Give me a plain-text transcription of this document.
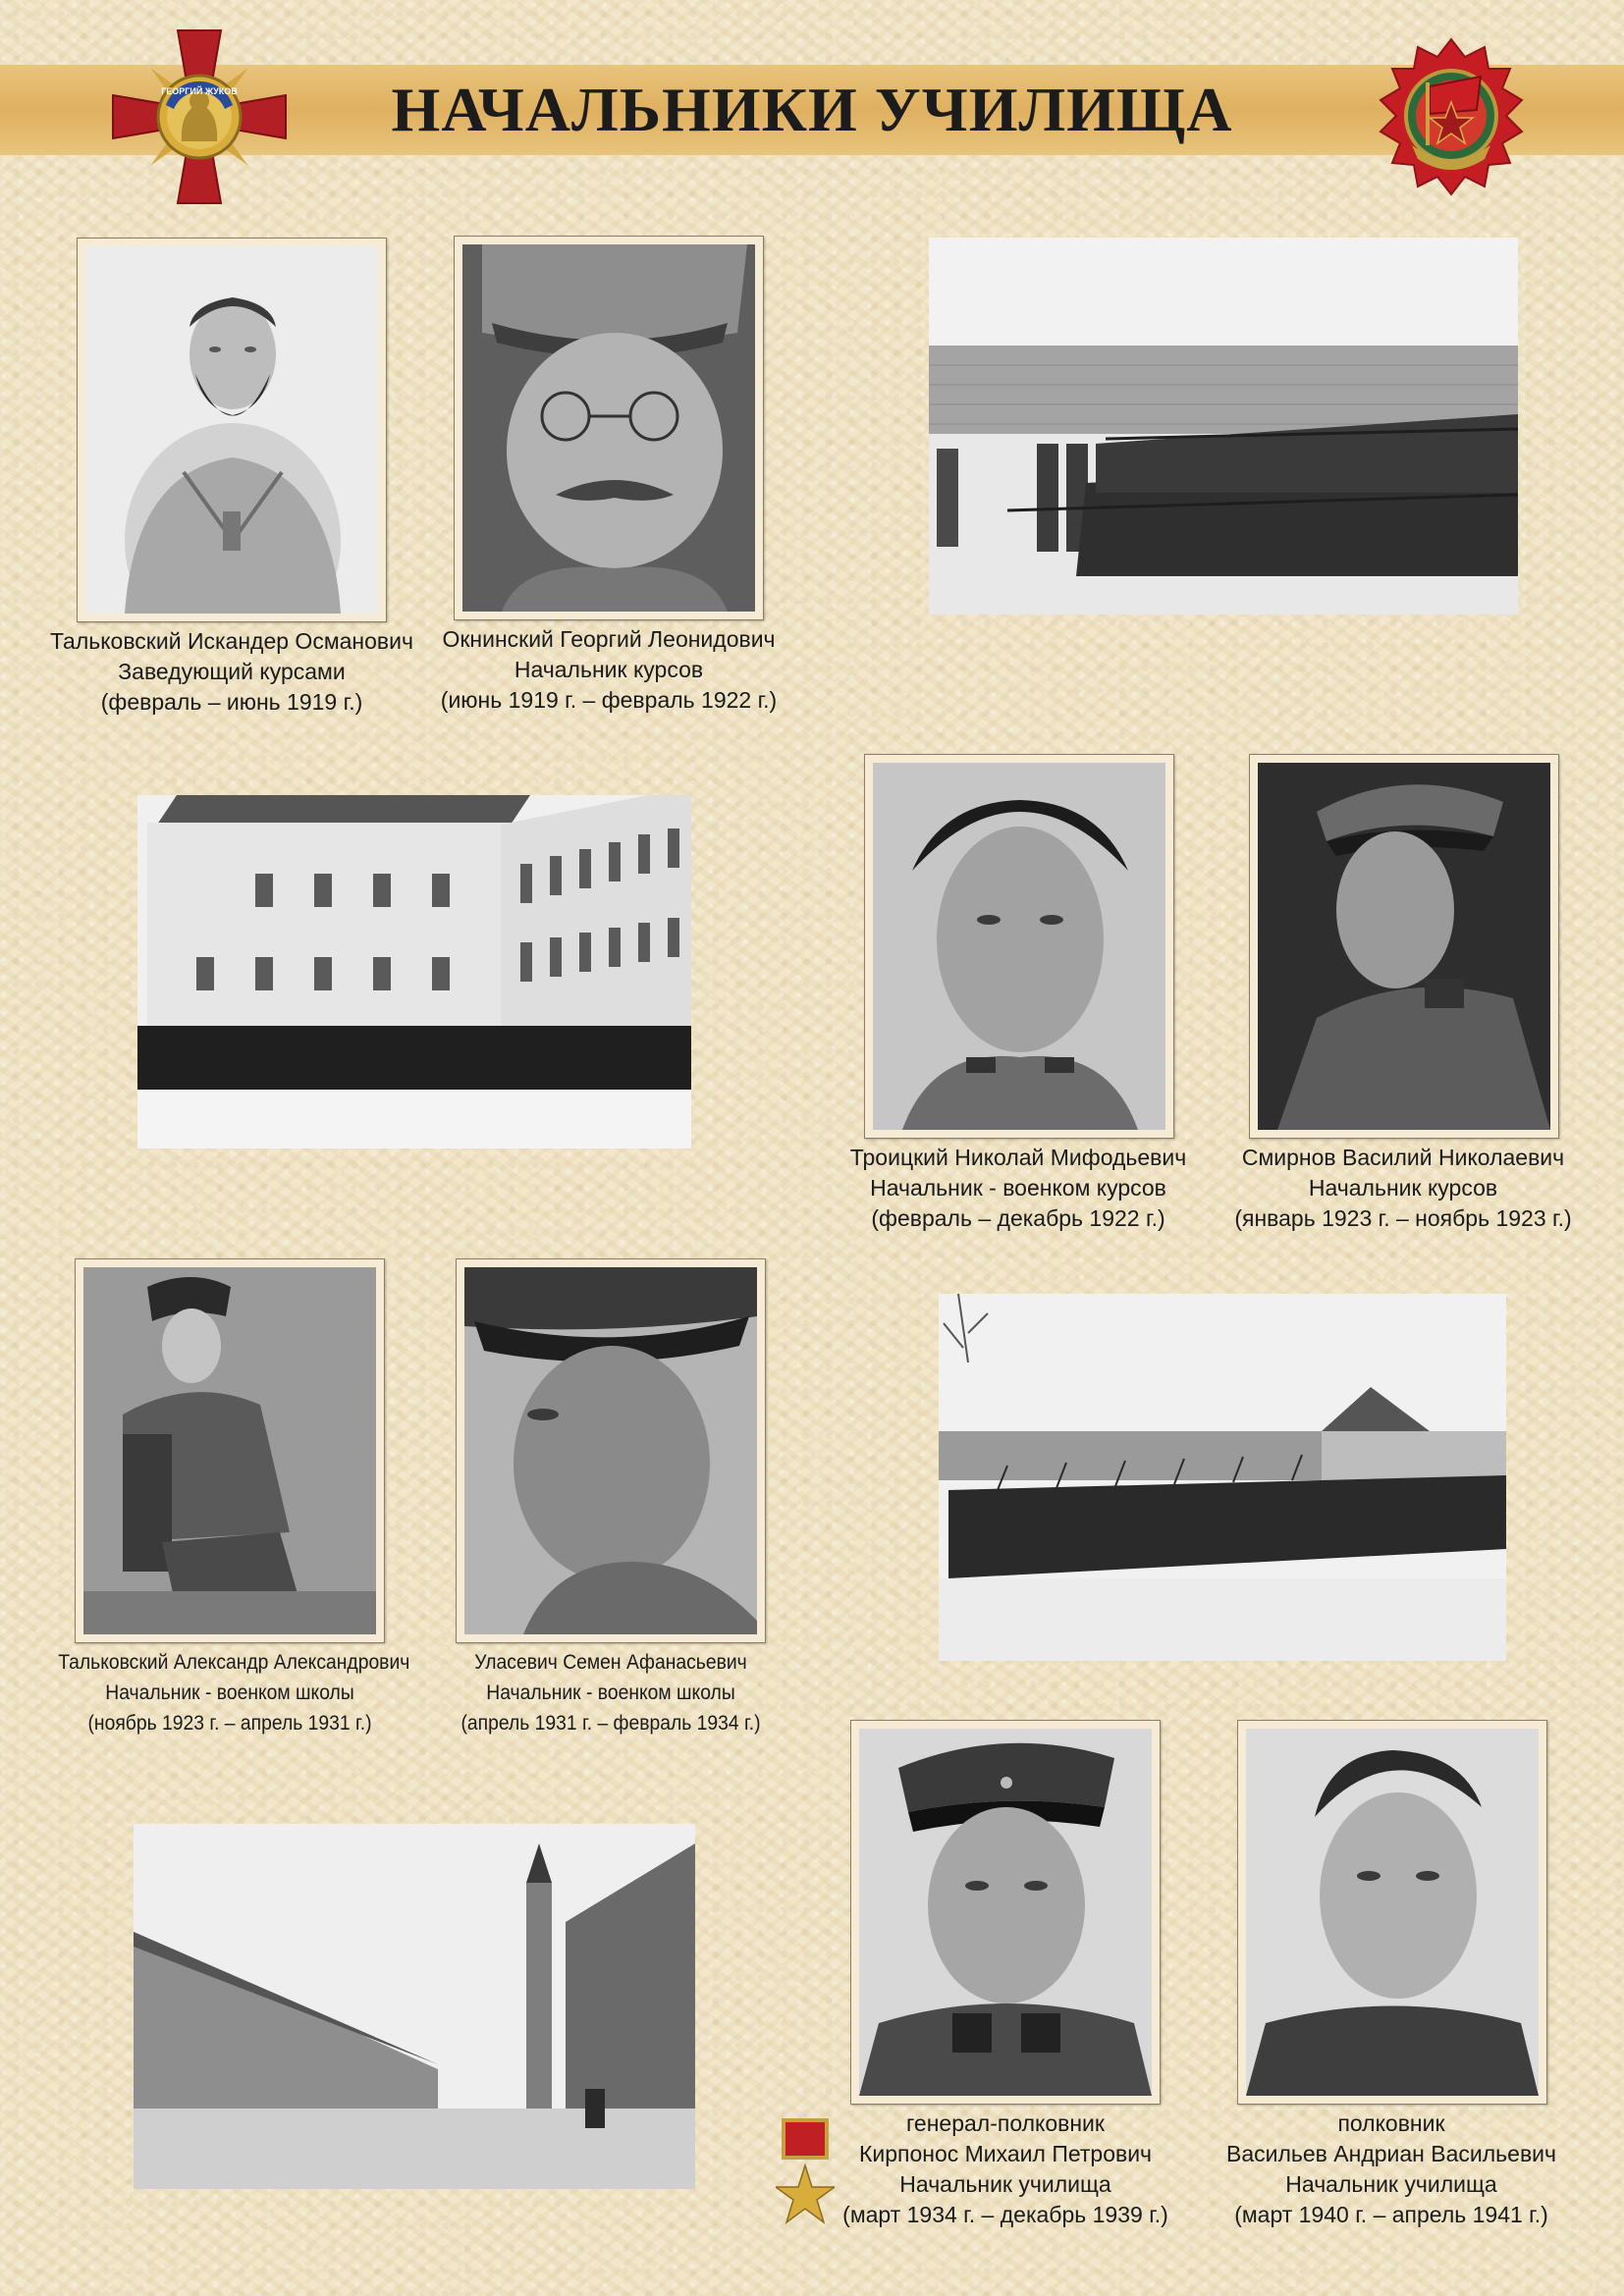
НАЧАЛЬНИКИ УЧИЛИЩА
ГЕОРГИЙ ЖУКОВ
Тальковский Искандер Османович
Заведующий курсами
(февраль – июнь 1919 г.)
Окнинский Георгий Леонидович
Начальник курсов
(июнь 1919 г. – февраль 1922 г.)
Троицкий Николай Мифодьевич
Начальник - военком курсов
(февраль – декабрь 1922 г.)
Смирнов Василий Николаевич
Начальник курсов
(январь 1923 г. – ноябрь 1923 г.)
Тальковский Александр Александрович
Начальник - военком школы
(ноябрь 1923 г. – апрель 1931 г.)
Уласевич Семен Афанасьевич
Начальник - военком школы
(апрель 1931 г. – февраль 1934 г.)
генерал-полковник
Кирпонос Михаил Петрович
Начальник училища
(март 1934 г. – декабрь 1939 г.)
полковник
Васильев Андриан Васильевич
Начальник училища
(март 1940 г. – апрель 1941 г.)
